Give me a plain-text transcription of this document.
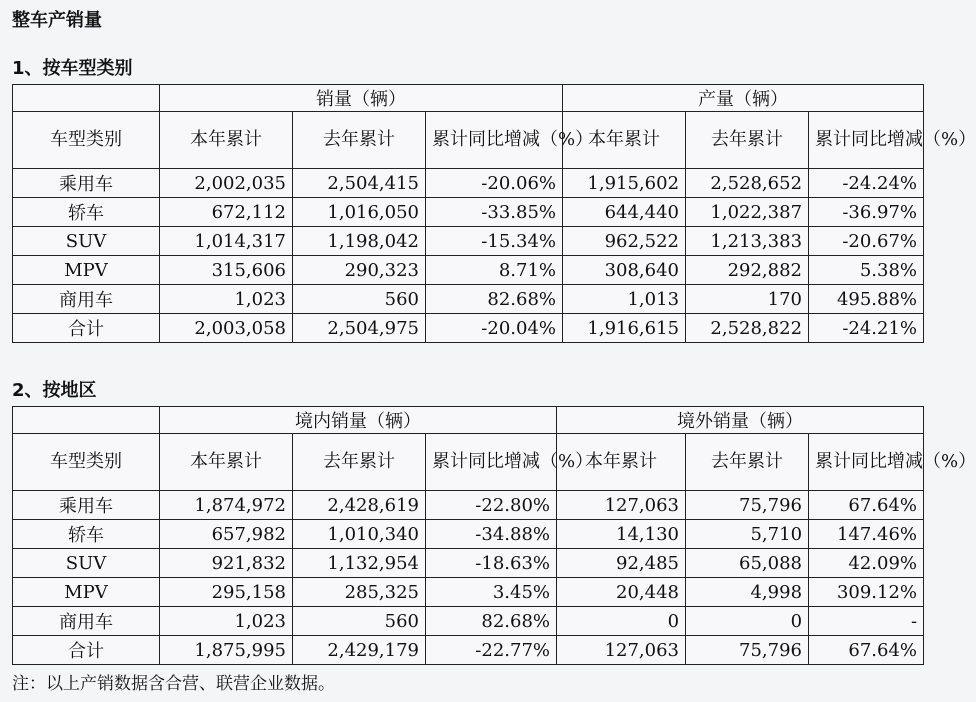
整车产销量
1、按车型类别
	销量（辆）			产量（辆）		
车型类别	本年累计	去年累计	累计同比增减（%）	本年累计	去年累计	累计同比增减（%）
乘用车	2,002,035	2,504,415	-20.06%	1,915,602	2,528,652	-24.24%
轿车	672,112	1,016,050	-33.85%	644,440	1,022,387	-36.97%
SUV	1,014,317	1,198,042	-15.34%	962,522	1,213,383	-20.67%
MPV	315,606	290,323	8.71%	308,640	292,882	5.38%
商用车	1,023	560	82.68%	1,013	170	495.88%
合计	2,003,058	2,504,975	-20.04%	1,916,615	2,528,822	-24.21%
2、按地区
	境内销量（辆）			境外销量（辆）		
车型类别	本年累计	去年累计	累计同比增减（%）	本年累计	去年累计	累计同比增减（%）
乘用车	1,874,972	2,428,619	-22.80%	127,063	75,796	67.64%
轿车	657,982	1,010,340	-34.88%	14,130	5,710	147.46%
SUV	921,832	1,132,954	-18.63%	92,485	65,088	42.09%
MPV	295,158	285,325	3.45%	20,448	4,998	309.12%
商用车	1,023	560	82.68%	0	0	-
合计	1,875,995	2,429,179	-22.77%	127,063	75,796	67.64%
注：以上产销数据含合营、联营企业数据。
